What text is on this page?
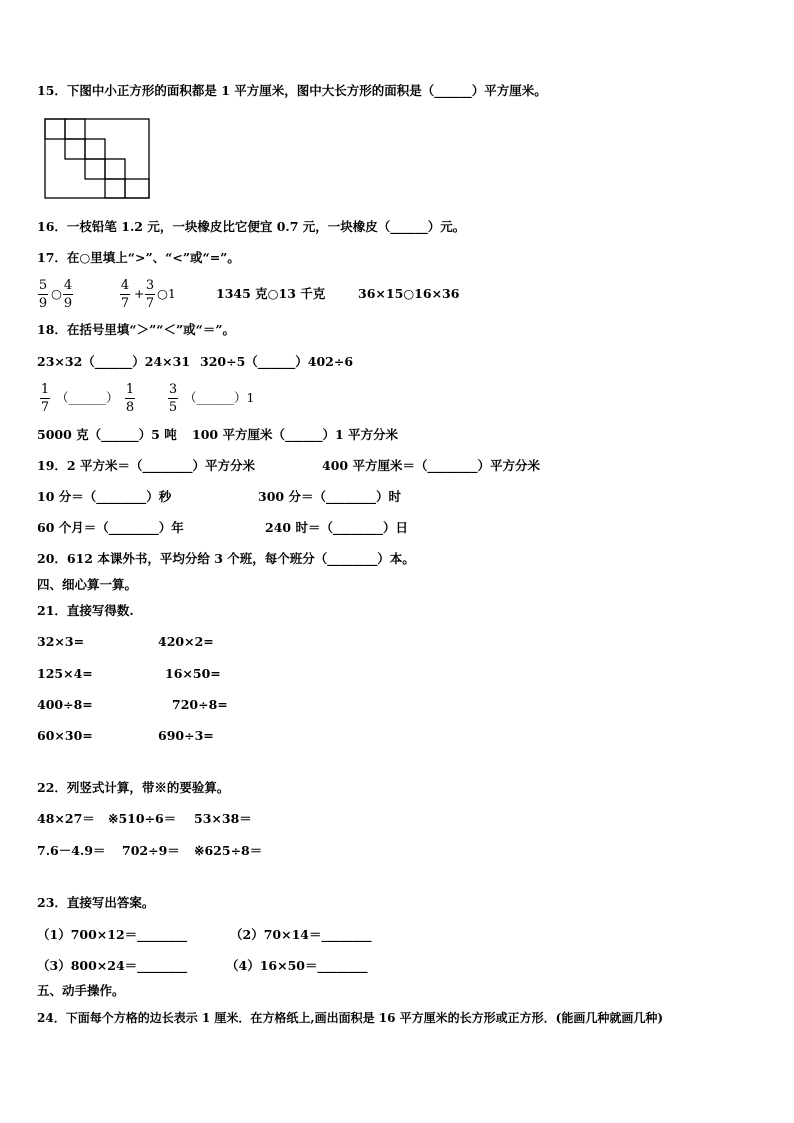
15．下图中小正方形的面积都是 1 平方厘米，图中大长方形的面积是（______）平方厘米。
16．一枝铅笔 1.2 元，一块橡皮比它便宜 0.7 元，一块橡皮（______）元。
17．在○里填上“>”、“<”或“=”。
$\frac{5}{9}$ ○ $\frac{4}{9}$	$\frac{4}{7} + \frac{3}{7}$ ○1	1345 克○13 千克	36×15○16×36
18．在括号里填“＞”“＜”或“＝”。
23×32（______）24×31 320÷5（______）402÷6
$\frac{1}{7}$ （______） $\frac{1}{8}$	$\frac{3}{5}$ （______）1
5000 克（______）5 吨 100 平方厘米（______）1 平方分米
19．2 平方米＝（________）平方分米	400 平方厘米＝（________）平方分米
10 分＝（________）秒	300 分＝（________）时
60 个月＝（________）年	240 时＝（________）日
20．612 本课外书，平均分给 3 个班，每个班分（________）本。
四、细心算一算。
21．直接写得数.
32×3=	420×2=
125×4=	16×50=
400÷8=	720÷8=
60×30=	690÷3=
22．列竖式计算，带※的要验算。
48×27＝ ※510÷6＝ 53×38＝
7.6－4.9＝ 702÷9＝ ※625÷8＝
23．直接写出答案。
（1）700×12＝________	（2）70×14＝________
（3）800×24＝________	（4）16×50＝________
五、动手操作。
24．下面每个方格的边长表示 1 厘米．在方格纸上,画出面积是 16 平方厘米的长方形或正方形．(能画几种就画几种)
